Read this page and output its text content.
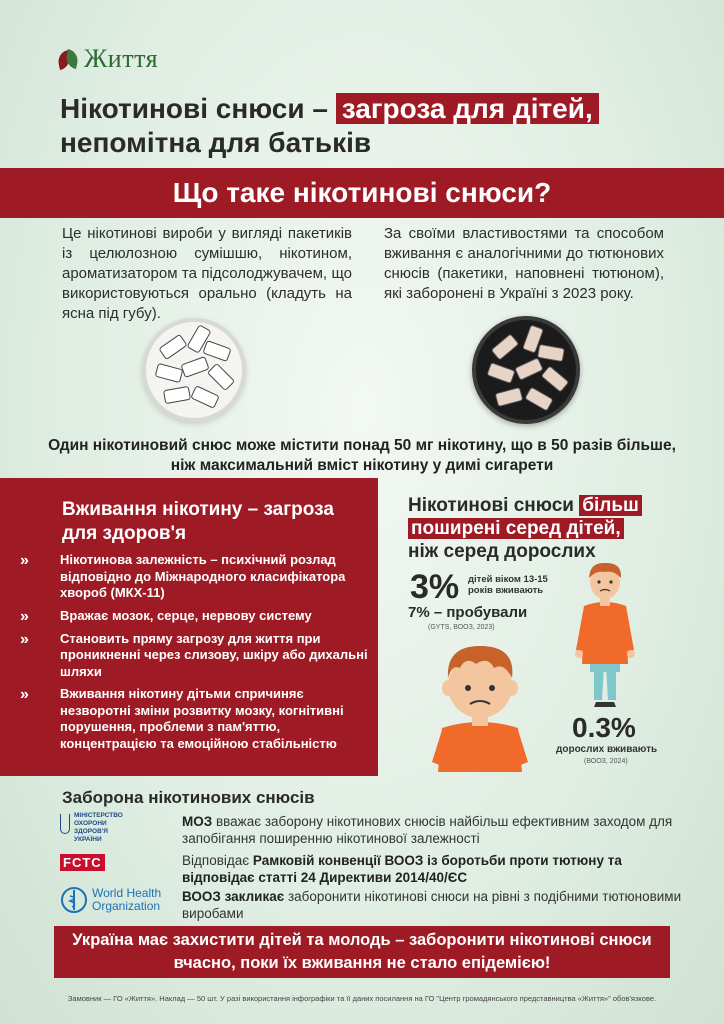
Життя
Нікотинові снюси – загроза для дітей,
непомітна для батьків
Що таке нікотинові снюси?
Це нікотинові вироби у вигляді пакетиків із целюлозною сумішшю, нікотином, ароматизатором та підсолоджувачем, що використовуються орально (кладуть на ясна під губу).
За своїми властивостями та способом вживання є аналогічними до тютюнових снюсів (пакетики, наповнені тютюном), які заборонені в Україні з 2023 року.
Один нікотиновий снюс може містити понад 50 мг нікотину, що в 50 разів більше, ніж максимальний вміст нікотину у димі сигарети
Вживання нікотину – загроза для здоров'я
»	Нікотинова залежність – психічний розлад відповідно до Міжнародного класифікатора хвороб (МКХ-11)
»	Вражає мозок, серце, нервову систему
»	Становить пряму загрозу для життя при проникненні через слизову, шкіру або дихальні шляхи
»	Вживання нікотину дітьми спричиняє незворотні зміни розвитку мозку, когнітивні порушення, проблеми з пам'яттю, концентрацією та емоційною стабільністю
Нікотинові снюси більш
поширені серед дітей,
ніж серед дорослих
3% дітей віком 13-15 років вживають
7% – пробували
(GYTS, ВООЗ, 2023)
0.3%
дорослих вживають
(ВООЗ, 2024)
Заборона нікотинових снюсів
МІНІСТЕРСТВО ОХОРОНИ ЗДОРОВ'Я УКРАЇНИ
FCTC
World Health Organization
МОЗ вважає заборону нікотинових снюсів найбільш ефективним заходом для запобігання поширенню нікотинової залежності
Відповідає Рамковій конвенції ВООЗ із боротьби проти тютюну та відповідає статті 24 Директиви 2014/40/ЄС
ВООЗ закликає заборонити нікотинові снюси на рівні з подібними тютюновими виробами
Україна має захистити дітей та молодь – заборонити нікотинові снюси вчасно, поки їх вживання не стало епідемією!
Замовник — ГО «Життя». Наклад — 50 шт. У разі використання інфографіки та її даних посилання на ГО "Центр громадянського представництва «Життя»" обов'язкове.
